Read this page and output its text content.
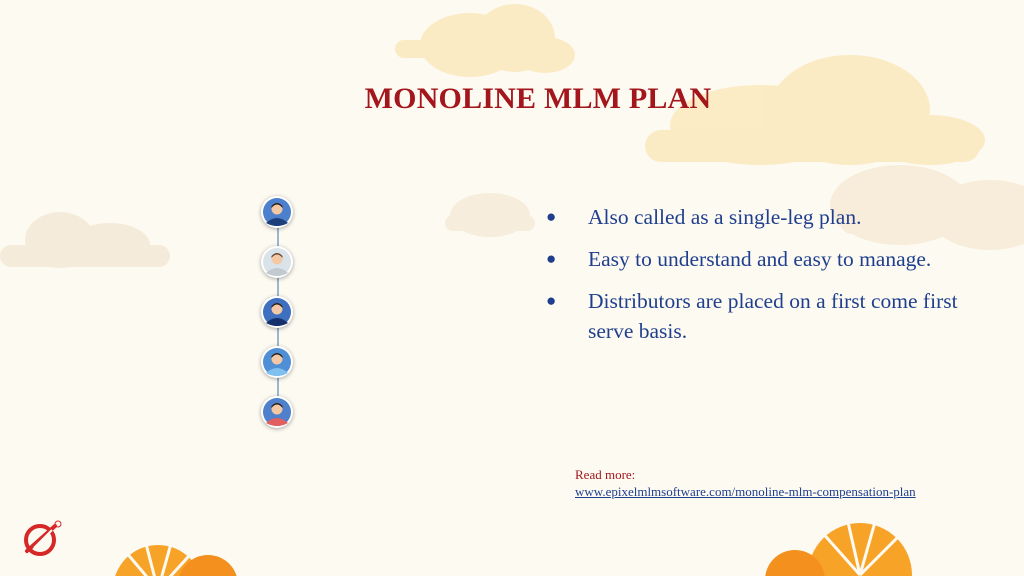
MONOLINE MLM PLAN
● Also called as a single-leg plan.
● Easy to understand and easy to manage.
● Distributors are placed on a first come first serve basis.
Read more:
www.epixelmlmsoftware.com/monoline-mlm-compensation-plan
